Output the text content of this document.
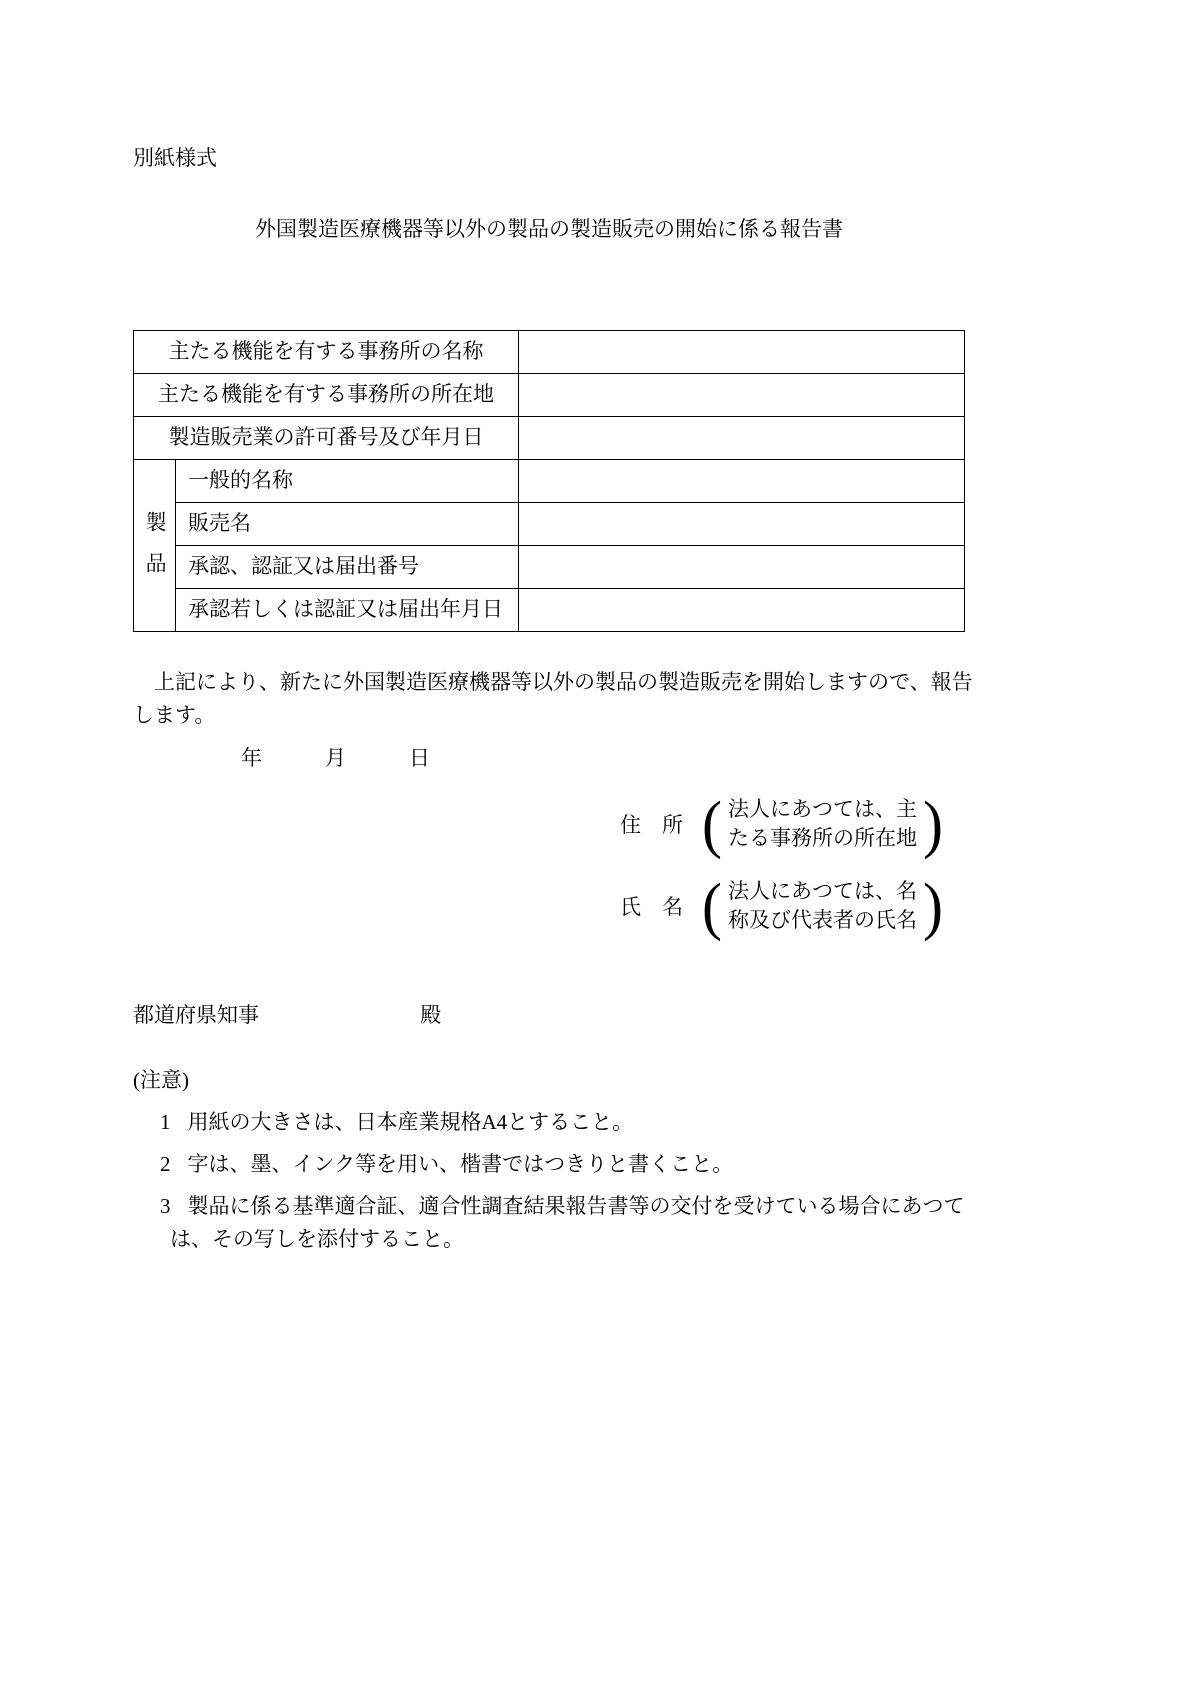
別紙様式
外国製造医療機器等以外の製品の製造販売の開始に係る報告書
主たる機能を有する事務所の名称		
主たる機能を有する事務所の所在地		
製造販売業の許可番号及び年月日		
製品	一般的名称	
	販売名	
	承認、認証又は届出番号	
	承認若しくは認証又は届出年月日	

　上記により、新たに外国製造医療機器等以外の製品の製造販売を開始しますので、報告します。

年　　　月　　　日
住　所 ( 法人にあつては、主
たる事務所の所在地 )
氏　名 ( 法人にあつては、名
称及び代表者の氏名 )
都道府県知事	殿
(注意)
1 用紙の大きさは、日本産業規格A4とすること。
2 字は、墨、インク等を用い、楷書ではつきりと書くこと。
3 製品に係る基準適合証、適合性調査結果報告書等の交付を受けている場合にあつては、その写しを添付すること。
